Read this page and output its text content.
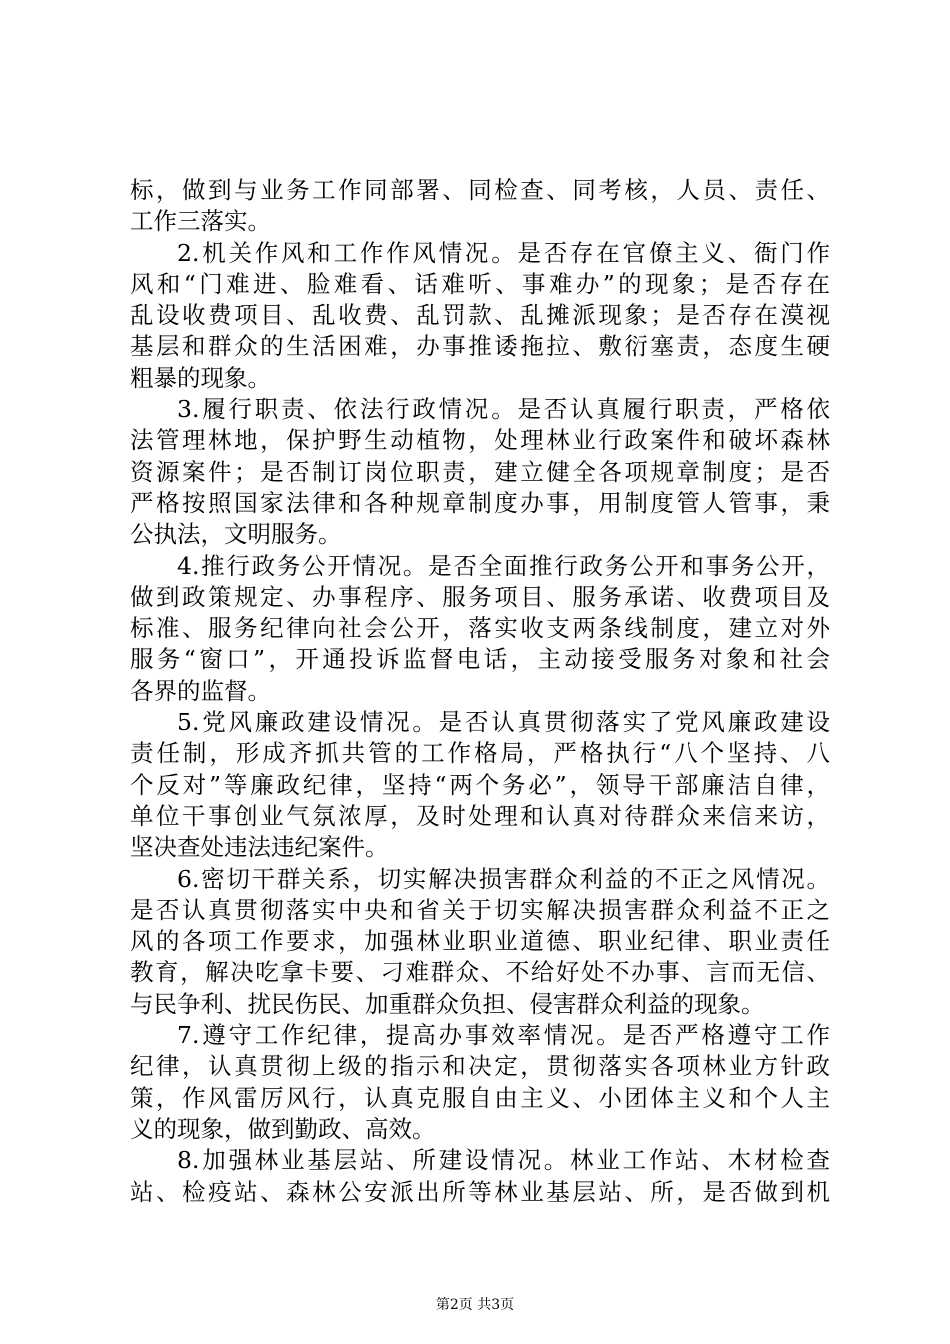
标，做到与业务工作同部署、同检查、同考核，人员、责任、
工作三落实。
2.机关作风和工作作风情况。是否存在官僚主义、衙门作
风和“门难进、脸难看、话难听、事难办”的现象；是否存在
乱设收费项目、乱收费、乱罚款、乱摊派现象；是否存在漠视
基层和群众的生活困难，办事推诿拖拉、敷衍塞责，态度生硬
粗暴的现象。
3.履行职责、依法行政情况。是否认真履行职责，严格依
法管理林地，保护野生动植物，处理林业行政案件和破坏森林
资源案件；是否制订岗位职责，建立健全各项规章制度；是否
严格按照国家法律和各种规章制度办事，用制度管人管事，秉
公执法，文明服务。
4.推行政务公开情况。是否全面推行政务公开和事务公开，
做到政策规定、办事程序、服务项目、服务承诺、收费项目及
标准、服务纪律向社会公开，落实收支两条线制度，建立对外
服务“窗口”，开通投诉监督电话，主动接受服务对象和社会
各界的监督。
5.党风廉政建设情况。是否认真贯彻落实了党风廉政建设
责任制，形成齐抓共管的工作格局，严格执行“八个坚持、八
个反对”等廉政纪律，坚持“两个务必”，领导干部廉洁自律，
单位干事创业气氛浓厚，及时处理和认真对待群众来信来访，
坚决查处违法违纪案件。
6.密切干群关系，切实解决损害群众利益的不正之风情况。
是否认真贯彻落实中央和省关于切实解决损害群众利益不正之
风的各项工作要求，加强林业职业道德、职业纪律、职业责任
教育，解决吃拿卡要、刁难群众、不给好处不办事、言而无信、
与民争利、扰民伤民、加重群众负担、侵害群众利益的现象。
7.遵守工作纪律，提高办事效率情况。是否严格遵守工作
纪律，认真贯彻上级的指示和决定，贯彻落实各项林业方针政
策，作风雷厉风行，认真克服自由主义、小团体主义和个人主
义的现象，做到勤政、高效。
8.加强林业基层站、所建设情况。林业工作站、木材检查
站、检疫站、森林公安派出所等林业基层站、所，是否做到机
第2页 共3页
